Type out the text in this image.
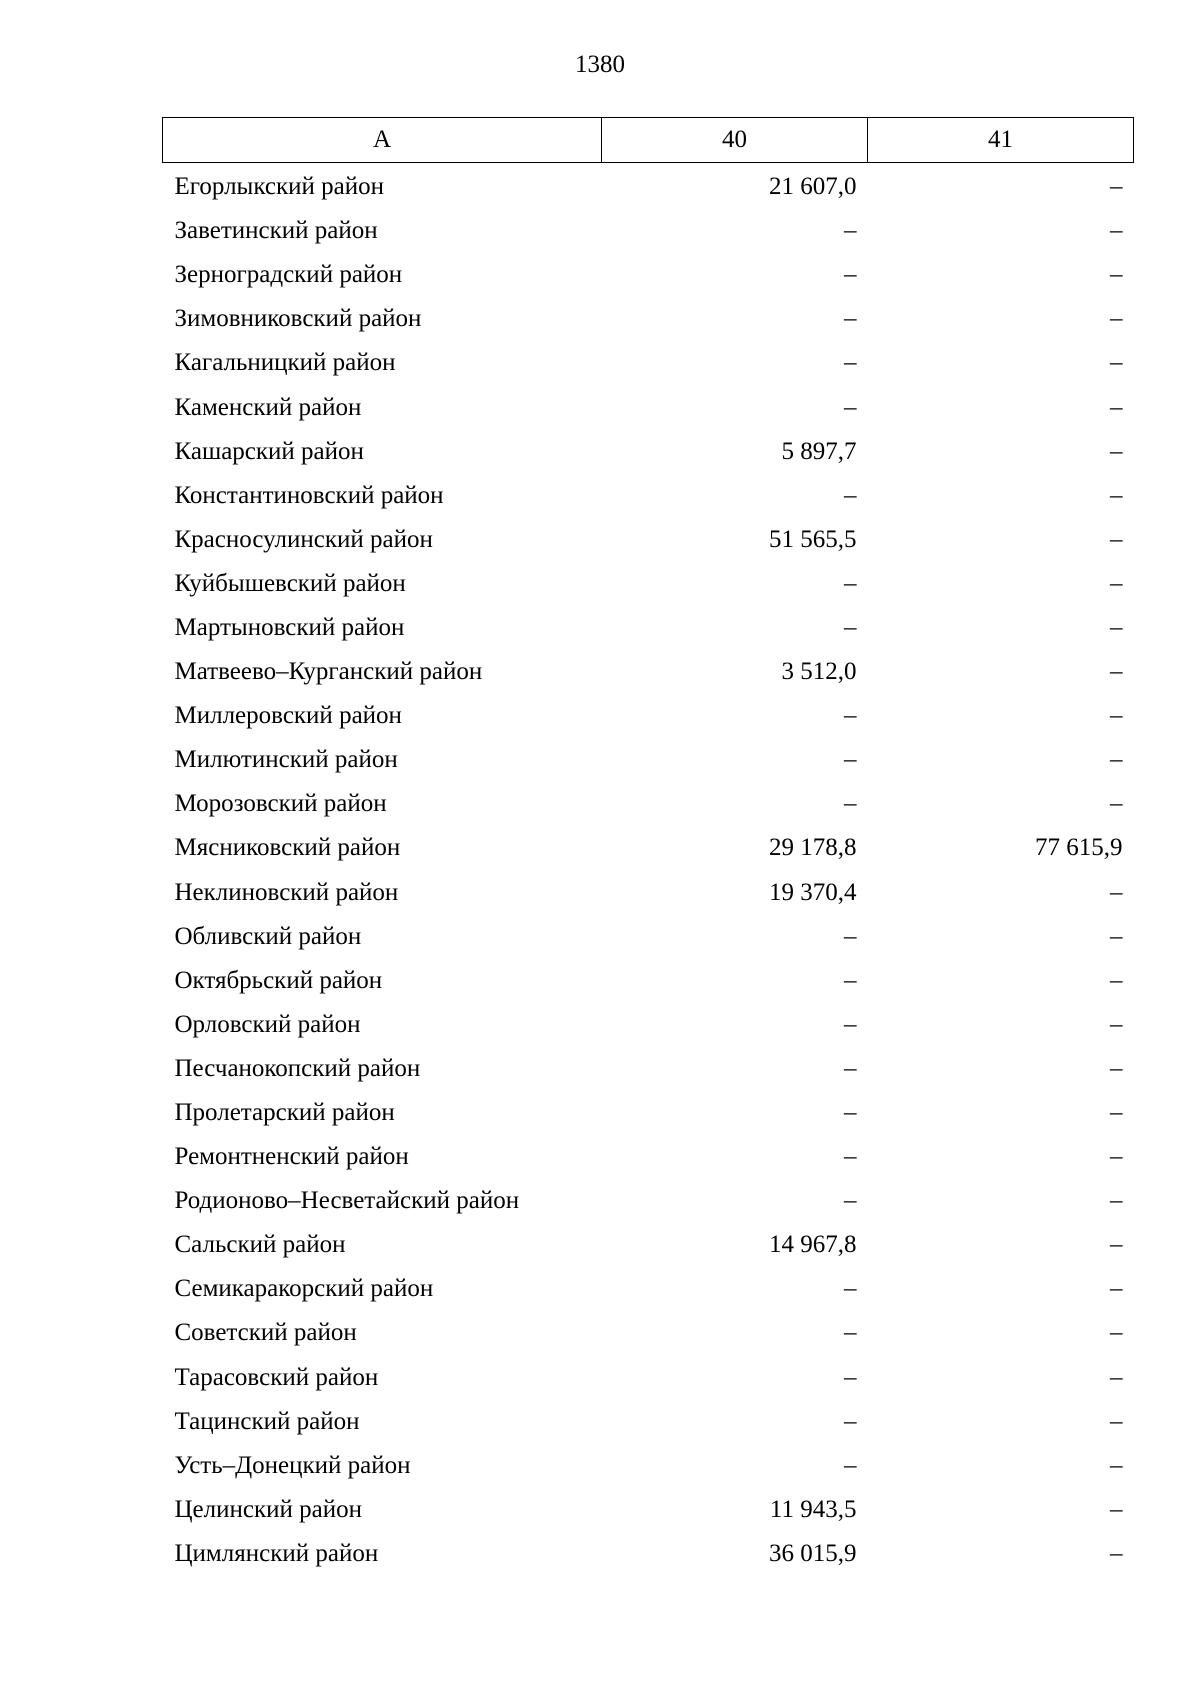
1380
А	40	41
Егорлыкский район	21 607,0	–
Заветинский район	–	–
Зерноградский район	–	–
Зимовниковский район	–	–
Кагальницкий район	–	–
Каменский район	–	–
Кашарский район	5 897,7	–
Константиновский район	–	–
Красносулинский район	51 565,5	–
Куйбышевский район	–	–
Мартыновский район	–	–
Матвеево–Курганский район	3 512,0	–
Миллеровский район	–	–
Милютинский район	–	–
Морозовский район	–	–
Мясниковский район	29 178,8	77 615,9
Неклиновский район	19 370,4	–
Обливский район	–	–
Октябрьский район	–	–
Орловский район	–	–
Песчанокопский район	–	–
Пролетарский район	–	–
Ремонтненский район	–	–
Родионово–Несветайский район	–	–
Сальский район	14 967,8	–
Семикаракорский район	–	–
Советский район	–	–
Тарасовский район	–	–
Тацинский район	–	–
Усть–Донецкий район	–	–
Целинский район	11 943,5	–
Цимлянский район	36 015,9	–
